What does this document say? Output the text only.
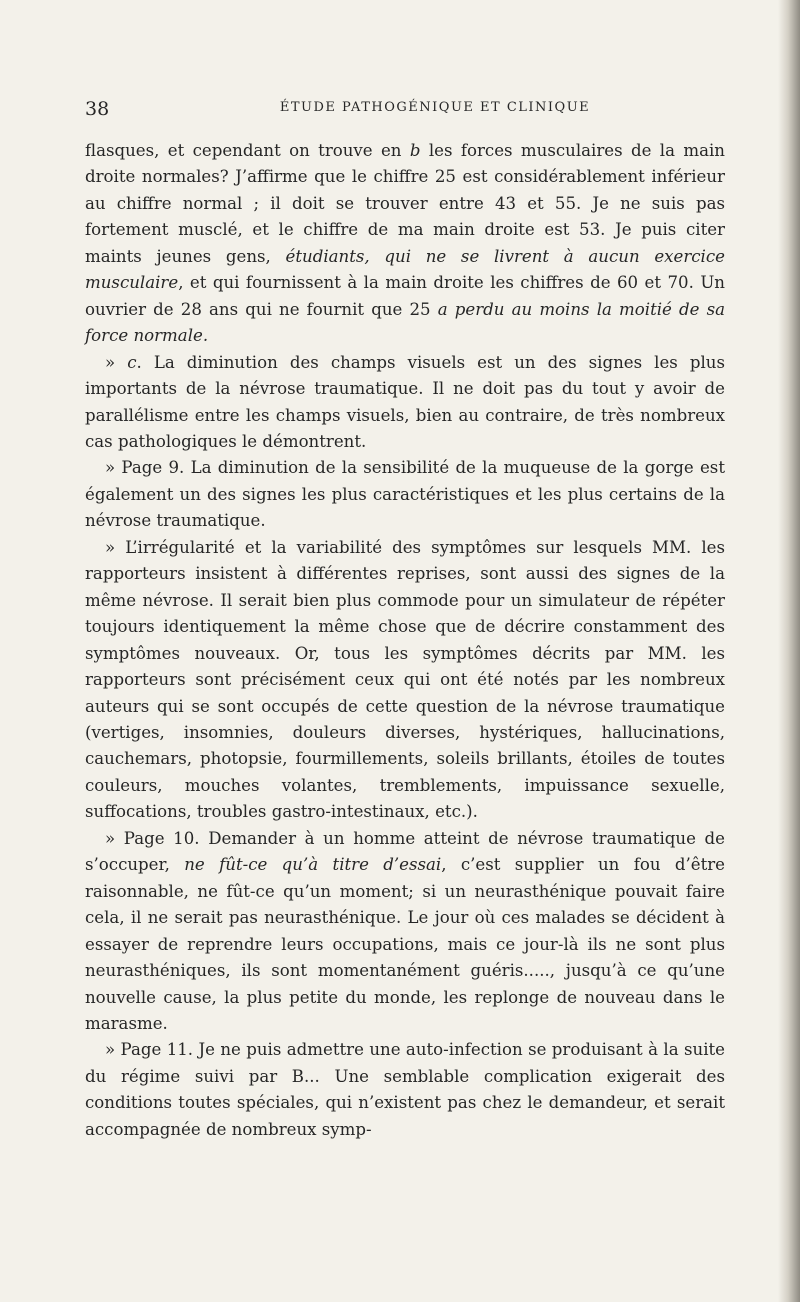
38	ÉTUDE PATHOGÉNIQUE ET CLINIQUE

flasques, et cependant on trouve en b les forces musculaires de la main droite normales? J’affirme que le chiffre 25 est considérablement inférieur au chiffre normal ; il doit se trouver entre 43 et 55. Je ne suis pas fortement musclé, et le chiffre de ma main droite est 53. Je puis citer maints jeunes gens, étudiants, qui ne se livrent à aucun exercice musculaire, et qui fournissent à la main droite les chiffres de 60 et 70. Un ouvrier de 28 ans qui ne fournit que 25 a perdu au moins la moitié de sa force normale.

» c. La diminution des champs visuels est un des signes les plus importants de la névrose traumatique. Il ne doit pas du tout y avoir de parallélisme entre les champs visuels, bien au contraire, de très nombreux cas pathologiques le démontrent.

» Page 9. La diminution de la sensibilité de la muqueuse de la gorge est également un des signes les plus caractéristiques et les plus certains de la névrose traumatique.

» L’irrégularité et la variabilité des symptômes sur lesquels MM. les rapporteurs insistent à différentes reprises, sont aussi des signes de la même névrose. Il serait bien plus commode pour un simulateur de répéter toujours identiquement la même chose que de décrire constamment des symptômes nouveaux. Or, tous les symptômes décrits par MM. les rapporteurs sont précisément ceux qui ont été notés par les nombreux auteurs qui se sont occupés de cette question de la névrose traumatique (vertiges, insomnies, douleurs diverses, hystériques, hallucinations, cauchemars, photopsie, fourmillements, soleils brillants, étoiles de toutes couleurs, mouches volantes, tremblements, impuissance sexuelle, suffocations, troubles gastro-intestinaux, etc.).

» Page 10. Demander à un homme atteint de névrose traumatique de s’occuper, ne fût-ce qu’à titre d’essai, c’est supplier un fou d’être raisonnable, ne fût-ce qu’un moment; si un neurasthénique pouvait faire cela, il ne serait pas neurasthénique. Le jour où ces malades se décident à essayer de reprendre leurs occupations, mais ce jour-là ils ne sont plus neurasthéniques, ils sont momentanément guéris....., jusqu’à ce qu’une nouvelle cause, la plus petite du monde, les replonge de nouveau dans le marasme.

» Page 11. Je ne puis admettre une auto-infection se produisant à la suite du régime suivi par B... Une semblable complication exigerait des conditions toutes spéciales, qui n’existent pas chez le demandeur, et serait accompagnée de nombreux symp-
